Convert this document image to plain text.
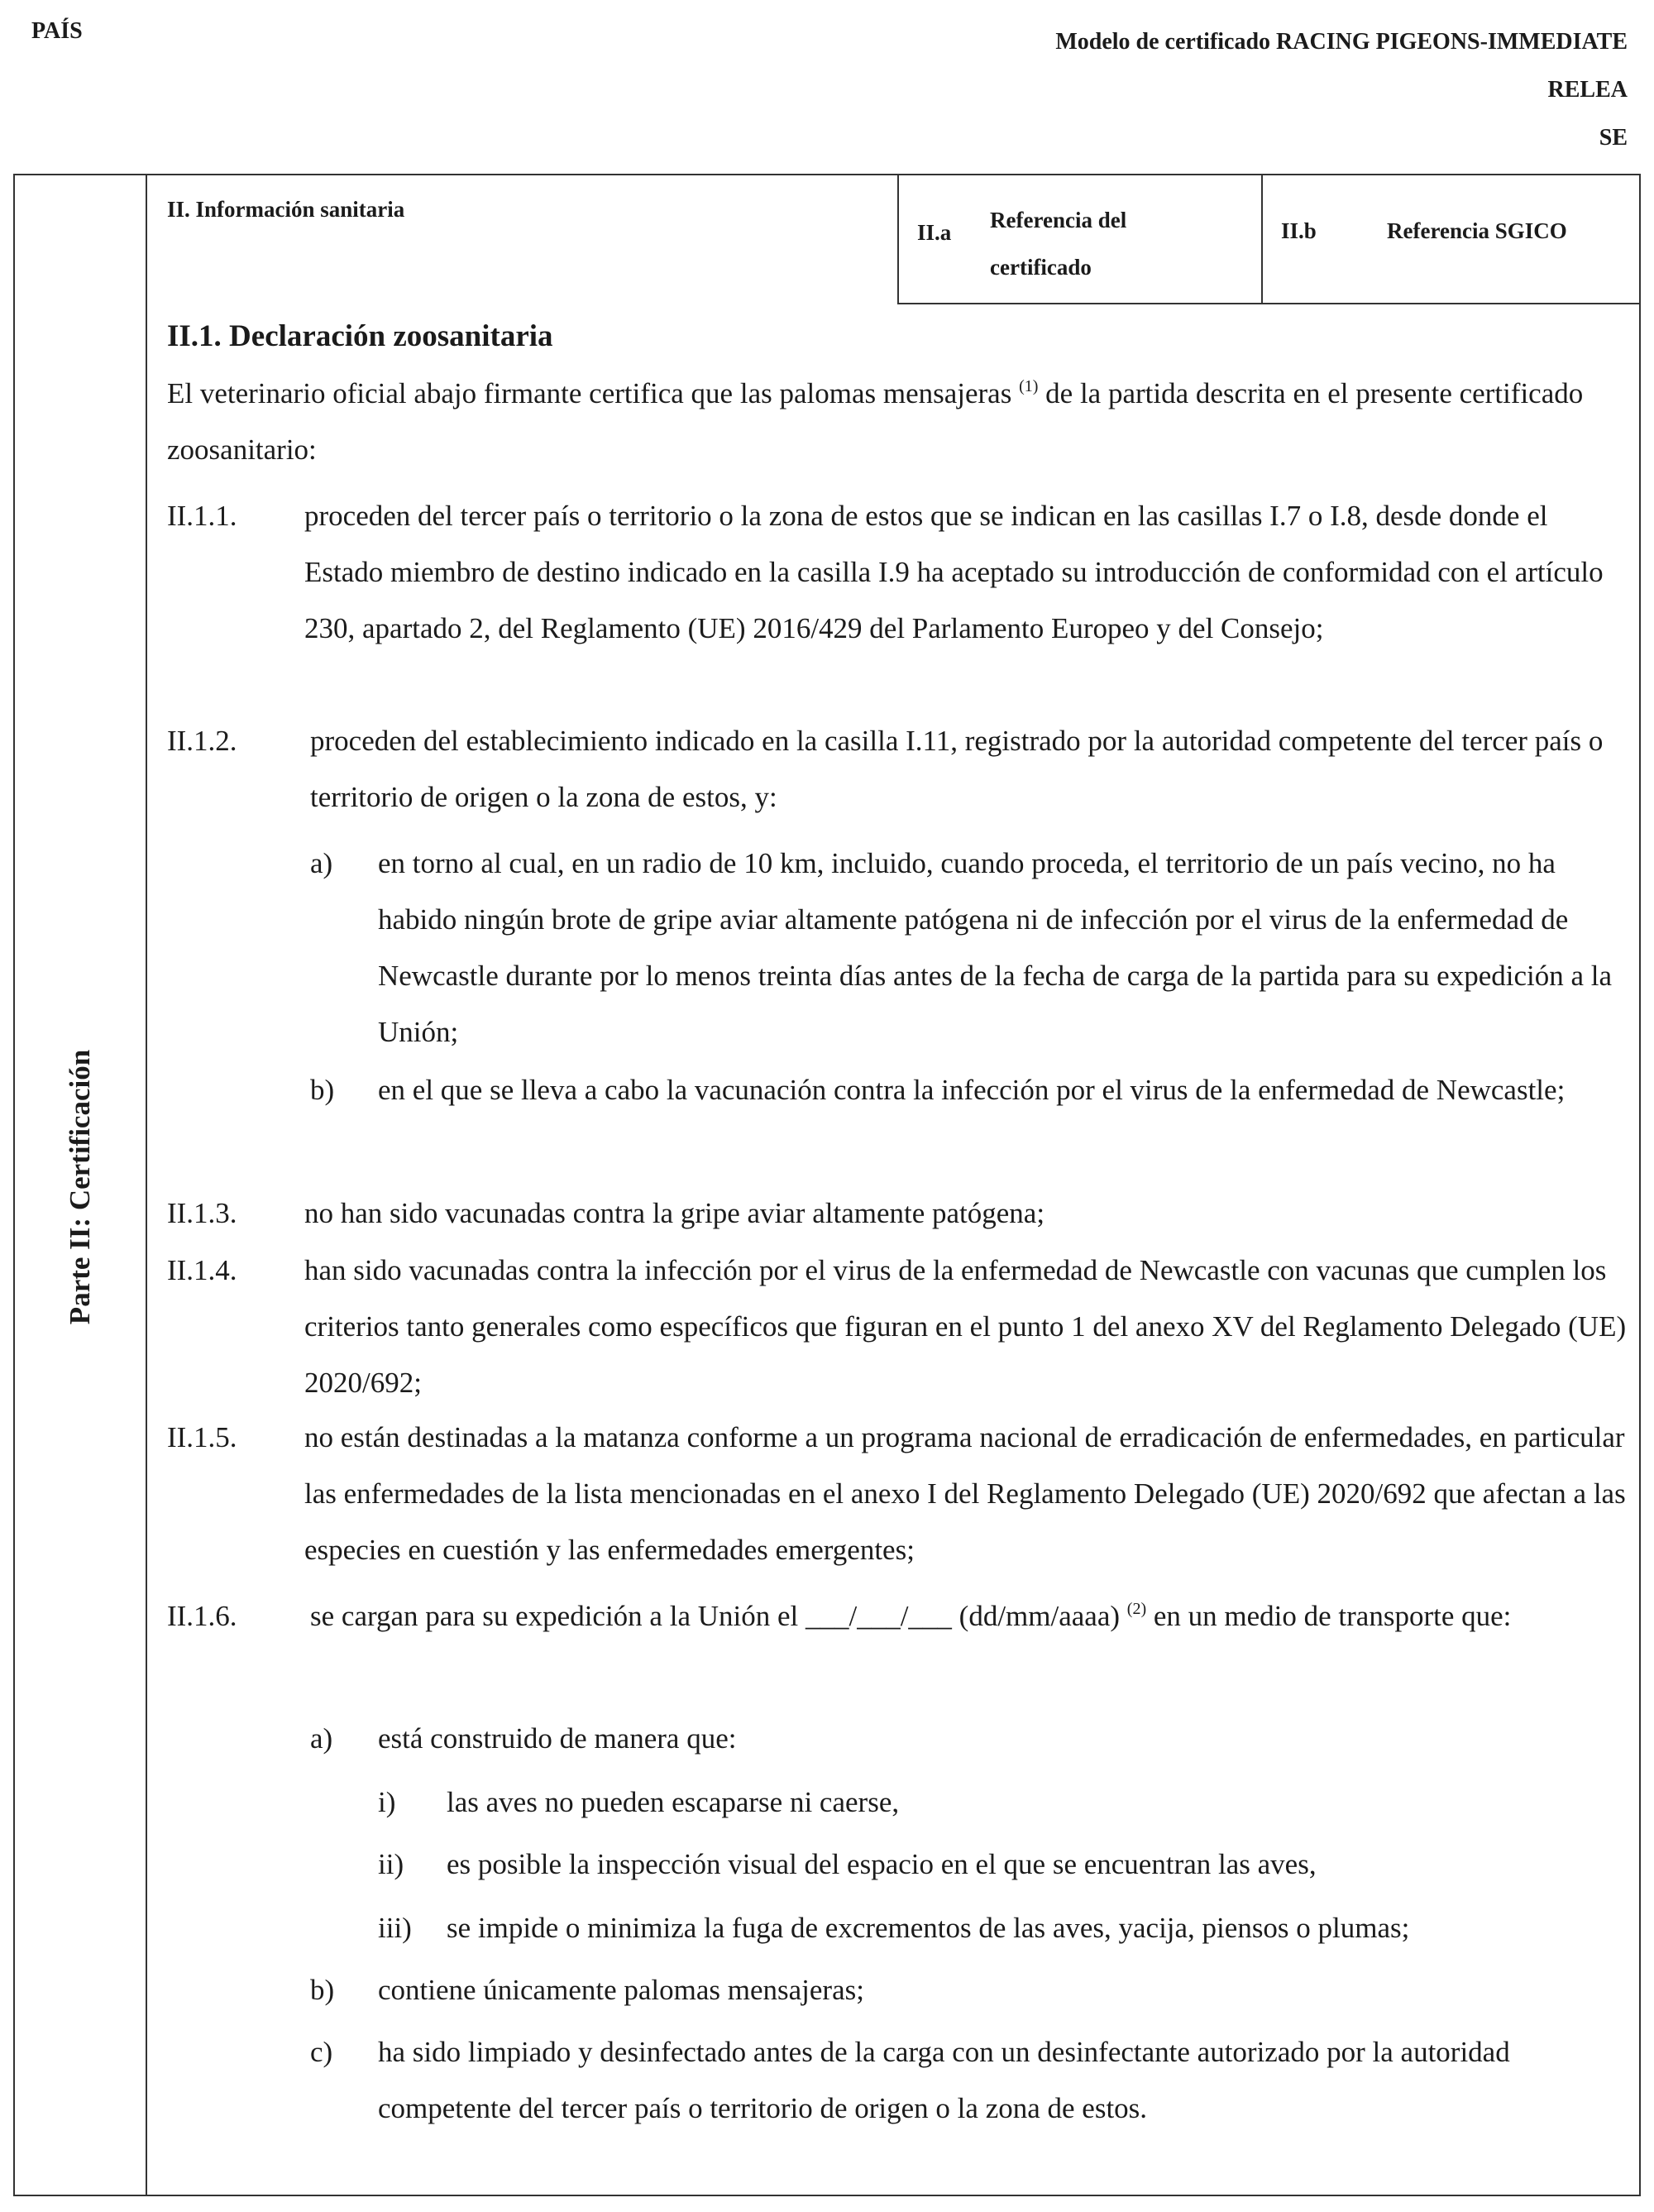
PAÍS	Modelo de certificado RACING PIGEONS-IMMEDIATE
RELEA
SE
Parte II: Certificación
II. Información sanitaria
II.a Referencia del certificado
II.b	Referencia SGICO
II.1. Declaración zoosanitaria
El veterinario oficial abajo firmante certifica que las palomas mensajeras $^{(1)}$ de la partida descrita en el presente certificado zoosanitario:
II.1.1. proceden del tercer país o territorio o la zona de estos que se indican en las casillas I.7 o I.8, desde donde el Estado miembro de destino indicado en la casilla I.9 ha aceptado su introducción de conformidad con el artículo 230, apartado 2, del Reglamento (UE) 2016/429 del Parlamento Europeo y del Consejo;
II.1.2.	proceden del establecimiento indicado en la casilla I.11, registrado por la autoridad competente del tercer país o territorio de origen o la zona de estos, y:
a) en torno al cual, en un radio de 10 km, incluido, cuando proceda, el territorio de un país vecino, no ha habido ningún brote de gripe aviar altamente patógena ni de infección por el virus de la enfermedad de Newcastle durante por lo menos treinta días antes de la fecha de carga de la partida para su expedición a la Unión;
b) en el que se lleva a cabo la vacunación contra la infección por el virus de la enfermedad de Newcastle;
II.1.3. no han sido vacunadas contra la gripe aviar altamente patógena;
II.1.4. han sido vacunadas contra la infección por el virus de la enfermedad de Newcastle con vacunas que cumplen los criterios tanto generales como específicos que figuran en el punto 1 del anexo XV del Reglamento Delegado (UE) 2020/692;
II.1.5. no están destinadas a la matanza conforme a un programa nacional de erradicación de enfermedades, en particular las enfermedades de la lista mencionadas en el anexo I del Reglamento Delegado (UE) 2020/692 que afectan a las especies en cuestión y las enfermedades emergentes;
II.1.6.	se cargan para su expedición a la Unión el ___/___/___ (dd/mm/aaaa) $^{(2)}$ en un medio de transporte que:
a) está construido de manera que:
i) las aves no pueden escaparse ni caerse,
ii) es posible la inspección visual del espacio en el que se encuentran las aves,
iii) se impide o minimiza la fuga de excrementos de las aves, yacija, piensos o plumas;
b) contiene únicamente palomas mensajeras;
c) ha sido limpiado y desinfectado antes de la carga con un desinfectante autorizado por la autoridad competente del tercer país o territorio de origen o la zona de estos.
